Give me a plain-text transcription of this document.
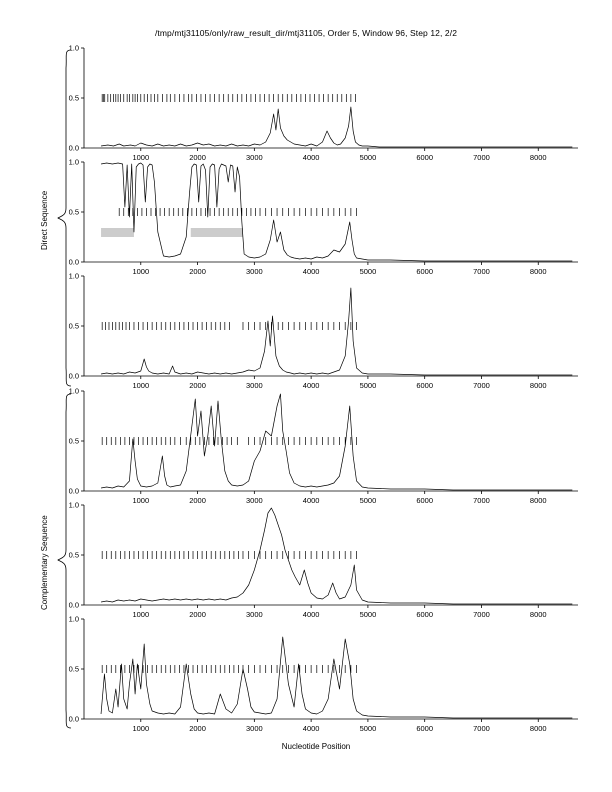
/tmp/mtj31105/only/raw_result_dir/mtj31105, Order 5, Window 96, Step 12, 2/2
Direct Sequence
Complementary Sequence
Nucleotide Position
0.0
0.5
1.0
1000	2000	3000	4000	5000	6000	7000	8000
0.0
0.5
1.0
1000	2000	3000	4000	5000	6000	7000	8000
0.0
0.5
1.0
1000	2000	3000	4000	5000	6000	7000	8000
0.0
0.5
1.0
1000	2000	3000	4000	5000	6000	7000	8000
0.0
0.5
1.0
1000	2000	3000	4000	5000	6000	7000	8000
0.0
0.5
1.0
1000	2000	3000	4000	5000	6000	7000	8000
